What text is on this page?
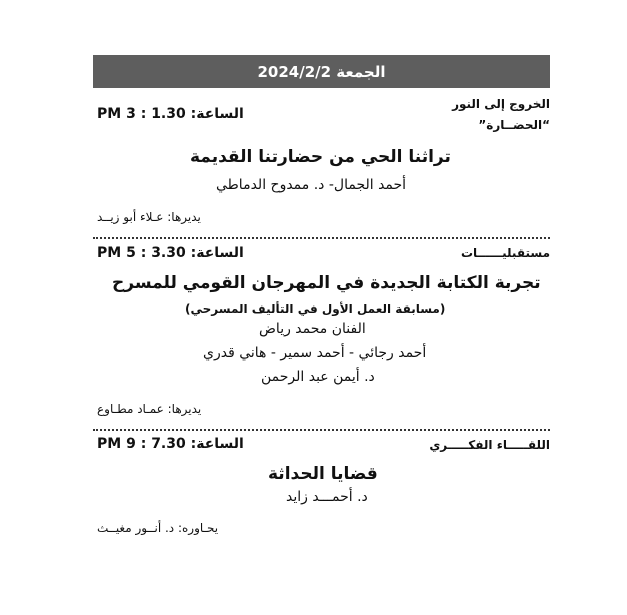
الجمعة 2024/2/2
الخروج إلى النور
“الحضــارة”
الساعة: 1.30 : 3 PM
تراثنا الحي من حضارتنا القديمة
أحمد الجمال- د. ممدوح الدماطي
يديرها: عـلاء أبو زيــد
مستقبليــــــات
الساعة: 3.30 : 5 PM
تجربة الكتابة الجديدة في المهرجان القومي للمسرح
(مسابقة العمل الأول في التأليف المسرحي)
الفنان محمد رياض
أحمد رجائي - أحمد سمير - هاني قدري
د. أيمن عبد الرحمن
يديرها: عمـاد مطـاوع
اللقـــــاء الفكـــــري
الساعة: 7.30 : 9 PM
قضايا الحداثة
د. أحمـــد زايد
يحـاوره: د. أنــور مغيــث
